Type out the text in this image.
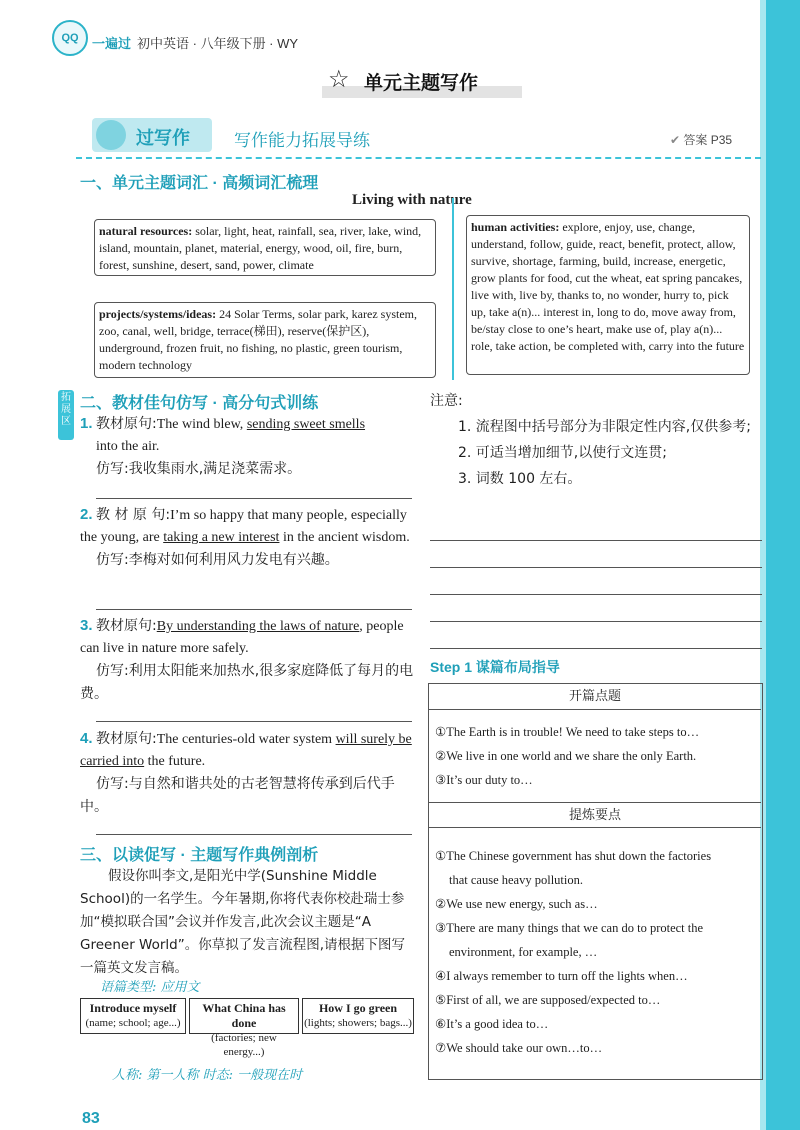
QQ	一遍过 初中英语 · 八年级下册 · WY
☆ 单元主题写作
过写作	写作能力拓展导练	✔ 答案 P35
一、单元主题词汇 · 高频词汇梳理
Living with nature
natural resources: solar, light, heat, rainfall, sea, river, lake, wind, island, mountain, planet, material, energy, wood, oil, fire, burn, forest, sunshine, desert, sand, power, climate
projects/systems/ideas: 24 Solar Terms, solar park, karez system, zoo, canal, well, bridge, terrace(梯田), reserve(保护区), underground, frozen fruit, no fishing, no plastic, green tourism, modern technology
human activities: explore, enjoy, use, change, understand, follow, guide, react, benefit, protect, allow, survive, shortage, farming, build, increase, energetic, grow plants for food, cut the wheat, eat spring pancakes, live with, live by, thanks to, no wonder, hurry to, pick up, take a(n)... interest in, long to do, move away from, be/stay close to one’s heart, make use of, play a(n)... role, take action, be completed with, carry into the future
拓展区
二、教材佳句仿写 · 高分句式训练
1. 教材原句:The wind blew, sending sweet smells
into the air.
仿写:我收集雨水,满足浇菜需求。
2. 教 材 原 句:I’m so happy that many people, especially the young, are taking a new interest in the ancient wisdom.
仿写:李梅对如何利用风力发电有兴趣。
3. 教材原句:By understanding the laws of nature, people can live in nature more safely.
仿写:利用太阳能来加热水,很多家庭降低了每月的电费。
4. 教材原句:The centuries-old water system will surely be carried into the future.
仿写:与自然和谐共处的古老智慧将传承到后代手中。
三、以读促写 · 主题写作典例剖析
假设你叫李文,是阳光中学(Sunshine Middle School)的一名学生。今年暑期,你将代表你校赴瑞士参加“模拟联合国”会议并作发言,此次会议主题是“A Greener World”。你草拟了发言流程图,请根据下图写一篇英文发言稿。
语篇类型: 应用文
Introduce myself
(name; school; age...)
What China has done
(factories; new energy...)
How I go green
(lights; showers; bags...)
人称: 第一人称 时态: 一般现在时
注意:
1. 流程图中括号部分为非限定性内容,仅供参考;
2. 可适当增加细节,以使行文连贯;
3. 词数 100 左右。
Step 1 谋篇布局指导
开篇点题
①The Earth is in trouble! We need to take steps to…
②We live in one world and we share the only Earth.
③It’s our duty to…
提炼要点
①The Chinese government has shut down the factories
that cause heavy pollution.
②We use new energy, such as…
③There are many things that we can do to protect the
environment, for example, …
④I always remember to turn off the lights when…
⑤First of all, we are supposed/expected to…
⑥It’s a good idea to…
⑦We should take our own…to…
83
